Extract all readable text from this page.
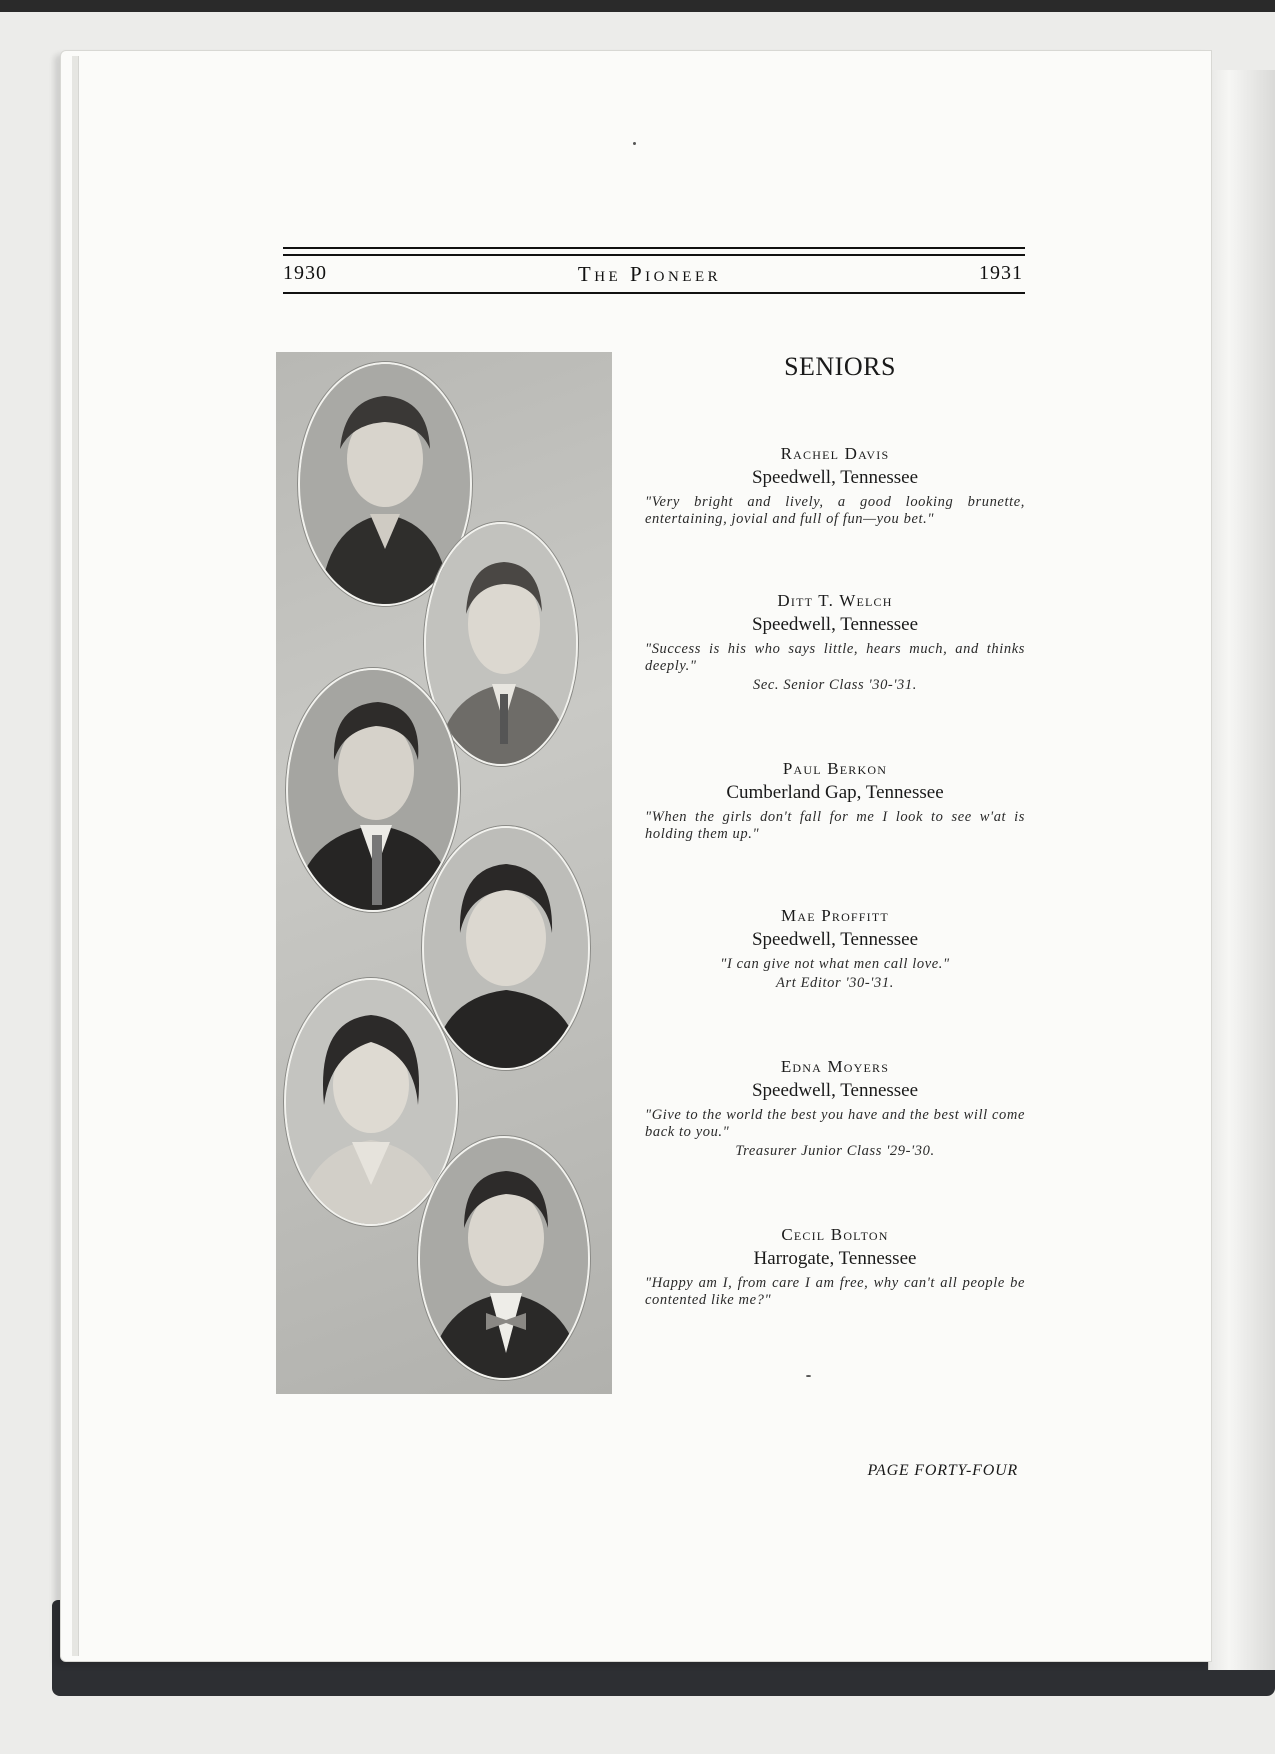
1930	The Pioneer	1931
SENIORS
Rachel Davis
Speedwell, Tennessee
"Very bright and lively, a good looking brunette, entertaining, jovial and full of fun—you bet."
Ditt T. Welch
Speedwell, Tennessee
"Success is his who says little, hears much, and thinks deeply."
Sec. Senior Class '30-'31.
Paul Berkon
Cumberland Gap, Tennessee
"When the girls don't fall for me I look to see w'at is holding them up."
Mae Proffitt
Speedwell, Tennessee
"I can give not what men call love."
Art Editor '30-'31.
Edna Moyers
Speedwell, Tennessee
"Give to the world the best you have and the best will come back to you."
Treasurer Junior Class '29-'30.
Cecil Bolton
Harrogate, Tennessee
"Happy am I, from care I am free, why can't all people be contented like me?"
PAGE FORTY-FOUR
